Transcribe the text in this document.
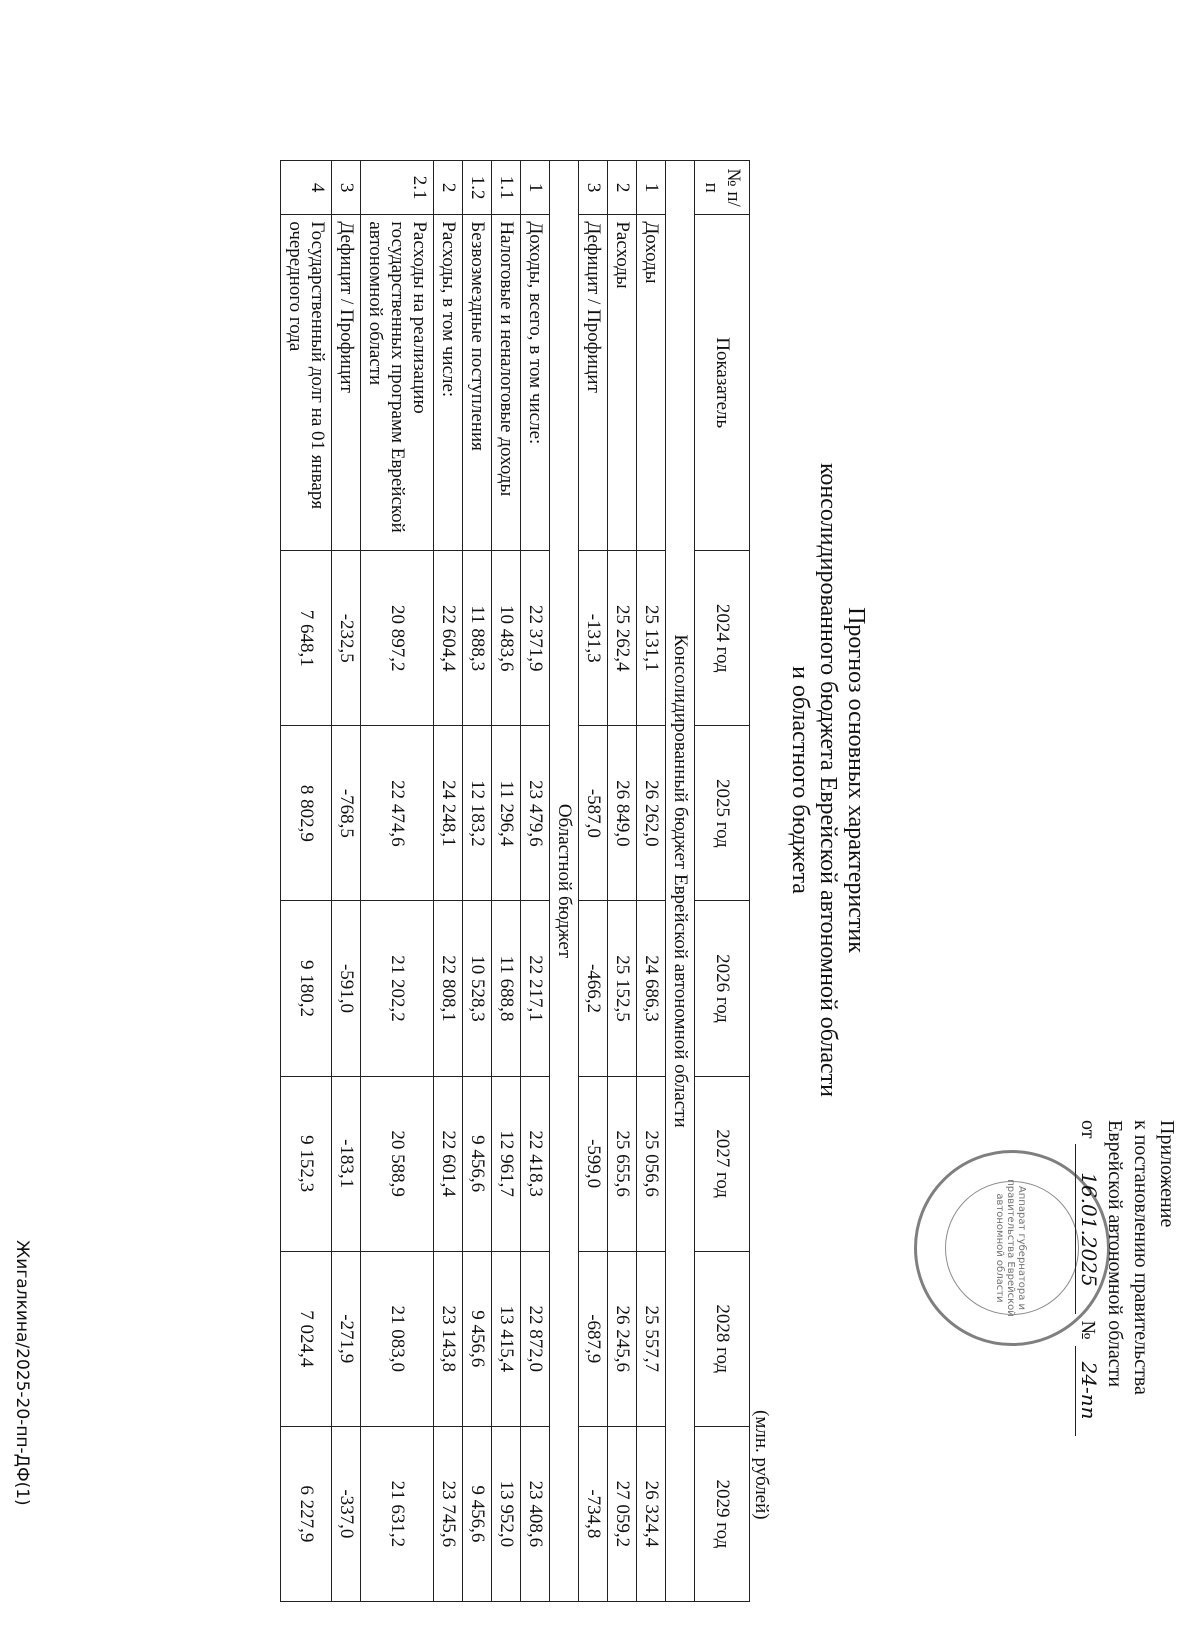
Аппарат губернатора и правительства Еврейской автономной области
Приложение
к постановлению правительства
Еврейской автономной области
от
16.01.2025
№
24-пп
Прогноз основных характеристик
консолидированного бюджета Еврейской автономной области
и областного бюджета
(млн. рублей)
№ п/п	Показатель	2024 год	2025 год	2026 год	2027 год	2028 год	2029 год
Консолидированный бюджет Еврейской автономной области							
1	Доходы	25 131,1	26 262,0	24 686,3	25 056,6	25 557,7	26 324,4
2	Расходы	25 262,4	26 849,0	25 152,5	25 655,6	26 245,6	27 059,2
3	Дефицит / Профицит	-131,3	-587,0	-466,2	-599,0	-687,9	-734,8
Областной бюджет							
1	Доходы, всего, в том числе:	22 371,9	23 479,6	22 217,1	22 418,3	22 872,0	23 408,6
1.1	Налоговые и неналоговые доходы	10 483,6	11 296,4	11 688,8	12 961,7	13 415,4	13 952,0
1.2	Безвозмездные поступления	11 888,3	12 183,2	10 528,3	9 456,6	9 456,6	9 456,6
2	Расходы, в том числе:	22 604,4	24 248,1	22 808,1	22 601,4	23 143,8	23 745,6
2.1	Расходы на реализацию государственных программ Еврейской автономной области	20 897,2	22 474,6	21 202,2	20 588,9	21 083,0	21 631,2
3	Дефицит / Профицит	-232,5	-768,5	-591,0	-183,1	-271,9	-337,0
4	Государственный долг на 01 января очередного года	7 648,1	8 802,9	9 180,2	9 152,3	7 024,4	6 227,9
Жигалкина/2025-20-пп-ДФ(1)
